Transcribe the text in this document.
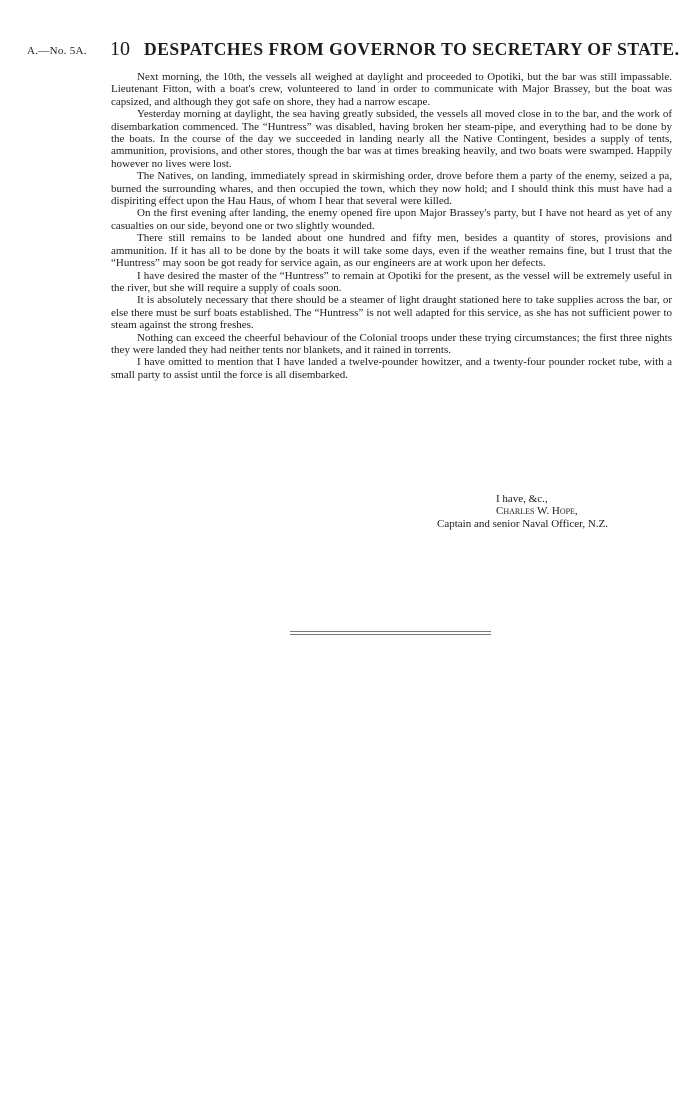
A.—No. 5A. 10 DESPATCHES FROM GOVERNOR TO SECRETARY OF STATE.

Next morning, the 10th, the vessels all weighed at daylight and proceeded to Opotiki, but the bar was still impassable. Lieutenant Fitton, with a boat's crew, volunteered to land in order to communicate with Major Brassey, but the boat was capsized, and although they got safe on shore, they had a narrow escape.

Yesterday morning at daylight, the sea having greatly subsided, the vessels all moved close in to the bar, and the work of disembarkation commenced. The “Huntress” was disabled, having broken her steam-pipe, and everything had to be done by the boats. In the course of the day we succeeded in landing nearly all the Native Contingent, besides a supply of tents, ammunition, provisions, and other stores, though the bar was at times breaking heavily, and two boats were swamped. Happily however no lives were lost.

The Natives, on landing, immediately spread in skirmishing order, drove before them a party of the enemy, seized a pa, burned the surrounding whares, and then occupied the town, which they now hold; and I should think this must have had a dispiriting effect upon the Hau Haus, of whom I hear that several were killed.

On the first evening after landing, the enemy opened fire upon Major Brassey's party, but I have not heard as yet of any casualties on our side, beyond one or two slightly wounded.

There still remains to be landed about one hundred and fifty men, besides a quantity of stores, provisions and ammunition. If it has all to be done by the boats it will take some days, even if the weather remains fine, but I trust that the “Huntress” may soon be got ready for service again, as our engineers are at work upon her defects.

I have desired the master of the “Huntress” to remain at Opotiki for the present, as the vessel will be extremely useful in the river, but she will require a supply of coals soon.

It is absolutely necessary that there should be a steamer of light draught stationed here to take supplies across the bar, or else there must be surf boats established. The “Huntress” is not well adapted for this service, as she has not sufficient power to steam against the strong freshes.

Nothing can exceed the cheerful behaviour of the Colonial troops under these trying circumstances; the first three nights they were landed they had neither tents nor blankets, and it rained in torrents.

I have omitted to mention that I have landed a twelve-pounder howitzer, and a twenty-four pounder rocket tube, with a small party to assist until the force is all disembarked.

I have, &c.,
Charles W. Hope,
Captain and senior Naval Officer, N.Z.
